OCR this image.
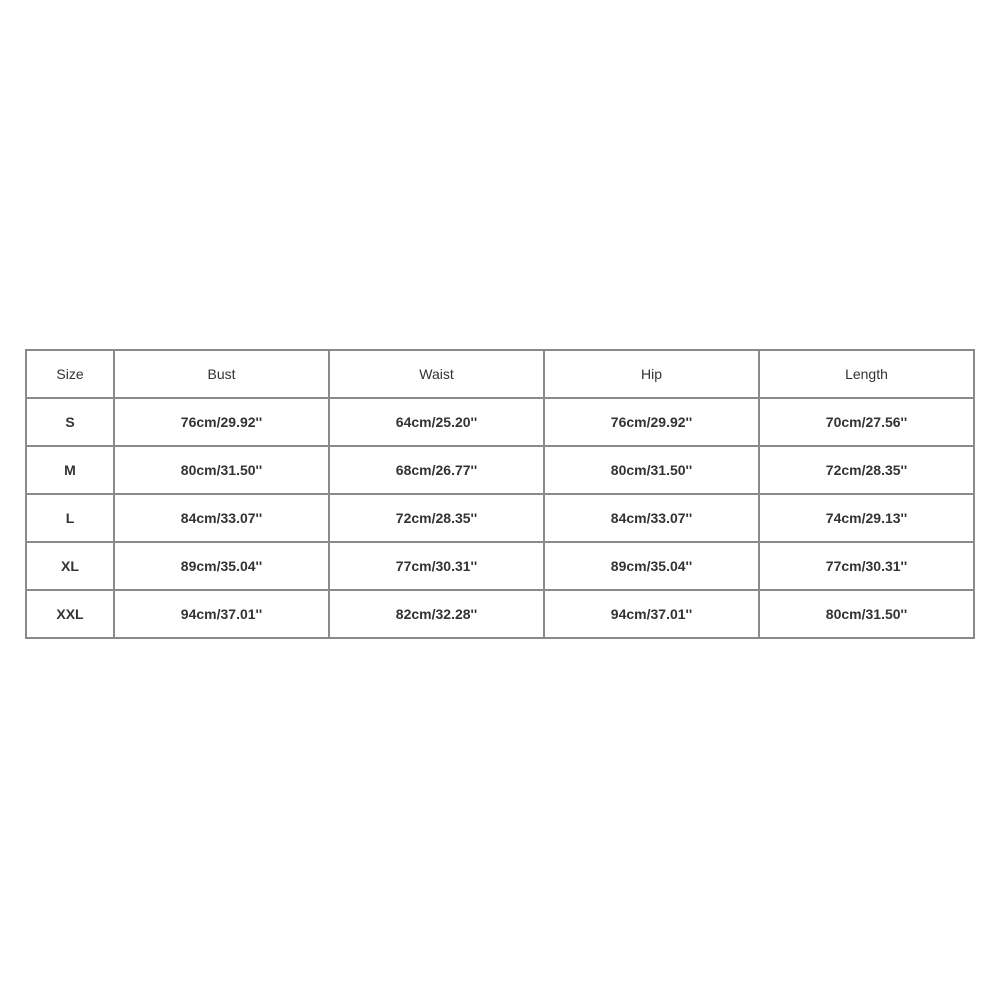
Size	Bust	Waist	Hip	Length
S	76cm/29.92''	64cm/25.20''	76cm/29.92''	70cm/27.56''
M	80cm/31.50''	68cm/26.77''	80cm/31.50''	72cm/28.35''
L	84cm/33.07''	72cm/28.35''	84cm/33.07''	74cm/29.13''
XL	89cm/35.04''	77cm/30.31''	89cm/35.04''	77cm/30.31''
XXL	94cm/37.01''	82cm/32.28''	94cm/37.01''	80cm/31.50''
